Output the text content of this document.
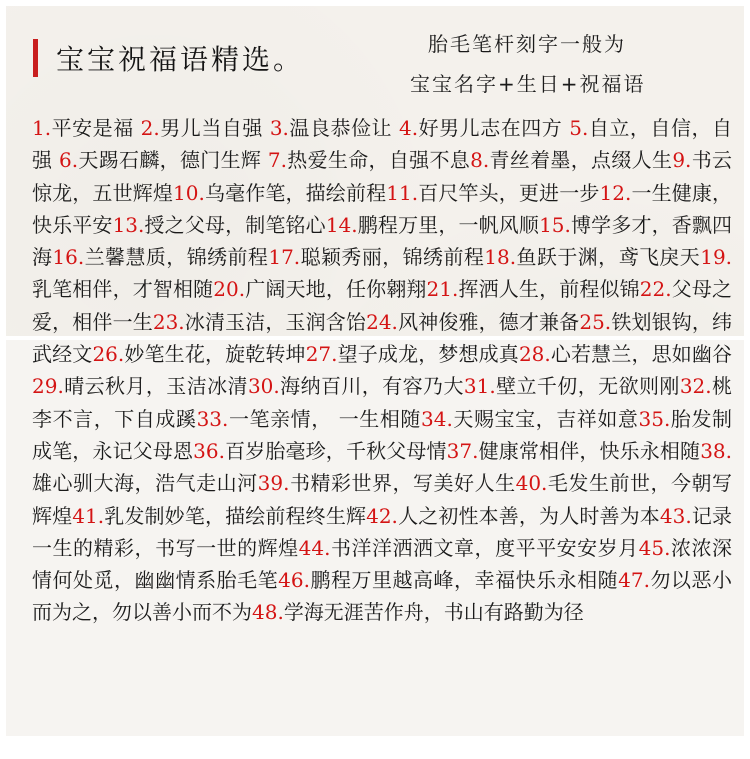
宝宝祝福语精选。	胎毛笔杆刻字一般为
宝宝名字+生日+祝福语
1.平安是福 2.男儿当自强 3.温良恭俭让 4.好男儿志在四方 5.自立，自信，自强 6.天踢石麟，德门生辉 7.热爱生命，自强不息8.青丝着墨，点缀人生9.书云惊龙，五世辉煌10.乌毫作笔，描绘前程11.百尺竿头，更进一步12.一生健康，快乐平安13.授之父母，制笔铭心14.鹏程万里，一帆风顺15.博学多才，香飘四海16.兰馨慧质，锦绣前程17.聪颖秀丽，锦绣前程18.鱼跃于渊，鸢飞戾天19.乳笔相伴，才智相随20.广阔天地，任你翱翔21.挥洒人生，前程似锦22.父母之爱，相伴一生23.冰清玉洁，玉润含饴24.风神俊雅，德才兼备25.铁划银钩，纬武经文26.妙笔生花，旋乾转坤27.望子成龙，梦想成真28.心若慧兰，思如幽谷29.晴云秋月，玉洁冰清30.海纳百川，有容乃大31.壁立千仞，无欲则刚32.桃李不言，下自成蹊33.一笔亲情， 一生相随34.天赐宝宝，吉祥如意35.胎发制成笔，永记父母恩36.百岁胎毫珍，千秋父母情37.健康常相伴，快乐永相随38.雄心驯大海，浩气走山河39.书精彩世界，写美好人生40.毛发生前世，今朝写辉煌41.乳发制妙笔，描绘前程终生辉42.人之初性本善，为人时善为本43.记录一生的精彩，书写一世的辉煌44.书洋洋洒洒文章，度平平安安岁月45.浓浓深情何处觅，幽幽情系胎毛笔46.鹏程万里越高峰，幸福快乐永相随47.勿以恶小而为之，勿以善小而不为48.学海无涯苦作舟，书山有路勤为径
